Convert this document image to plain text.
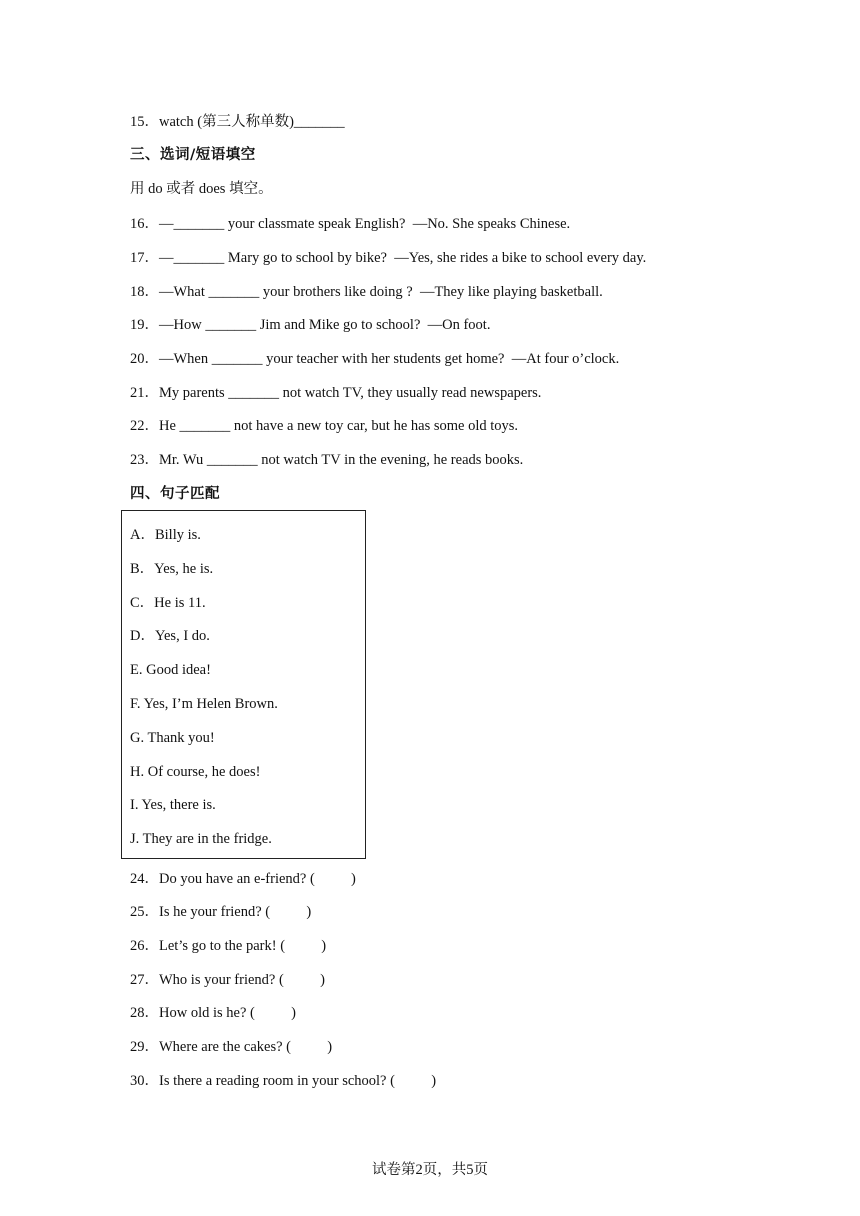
15．watch (第三人称单数)_______
三、选词/短语填空
用 do 或者 does 填空。
16．—_______ your classmate speak English?  —No. She speaks Chinese.
17．—_______ Mary go to school by bike?  —Yes, she rides a bike to school every day.
18．—What _______ your brothers like doing ?  —They like playing basketball.
19．—How _______ Jim and Mike go to school?  —On foot.
20．—When _______ your teacher with her students get home?  —At four o’clock.
21．My parents _______ not watch TV, they usually read newspapers.
22．He _______ not have a new toy car, but he has some old toys.
23．Mr. Wu _______ not watch TV in the evening, he reads books.
四、句子匹配
A．Billy is.
B．Yes, he is.
C．He is 11.
D．Yes, I do.
E. Good idea!
F. Yes, I’m Helen Brown.
G. Thank you!
H. Of course, he does!
I. Yes, there is.
J. They are in the fridge.
24．Do you have an e-friend? (          )
25．Is he your friend? (          )
26．Let’s go to the park! (          )
27．Who is your friend? (          )
28．How old is he? (          )
29．Where are the cakes? (          )
30．Is there a reading room in your school? (          )
试卷第2页，共5页
